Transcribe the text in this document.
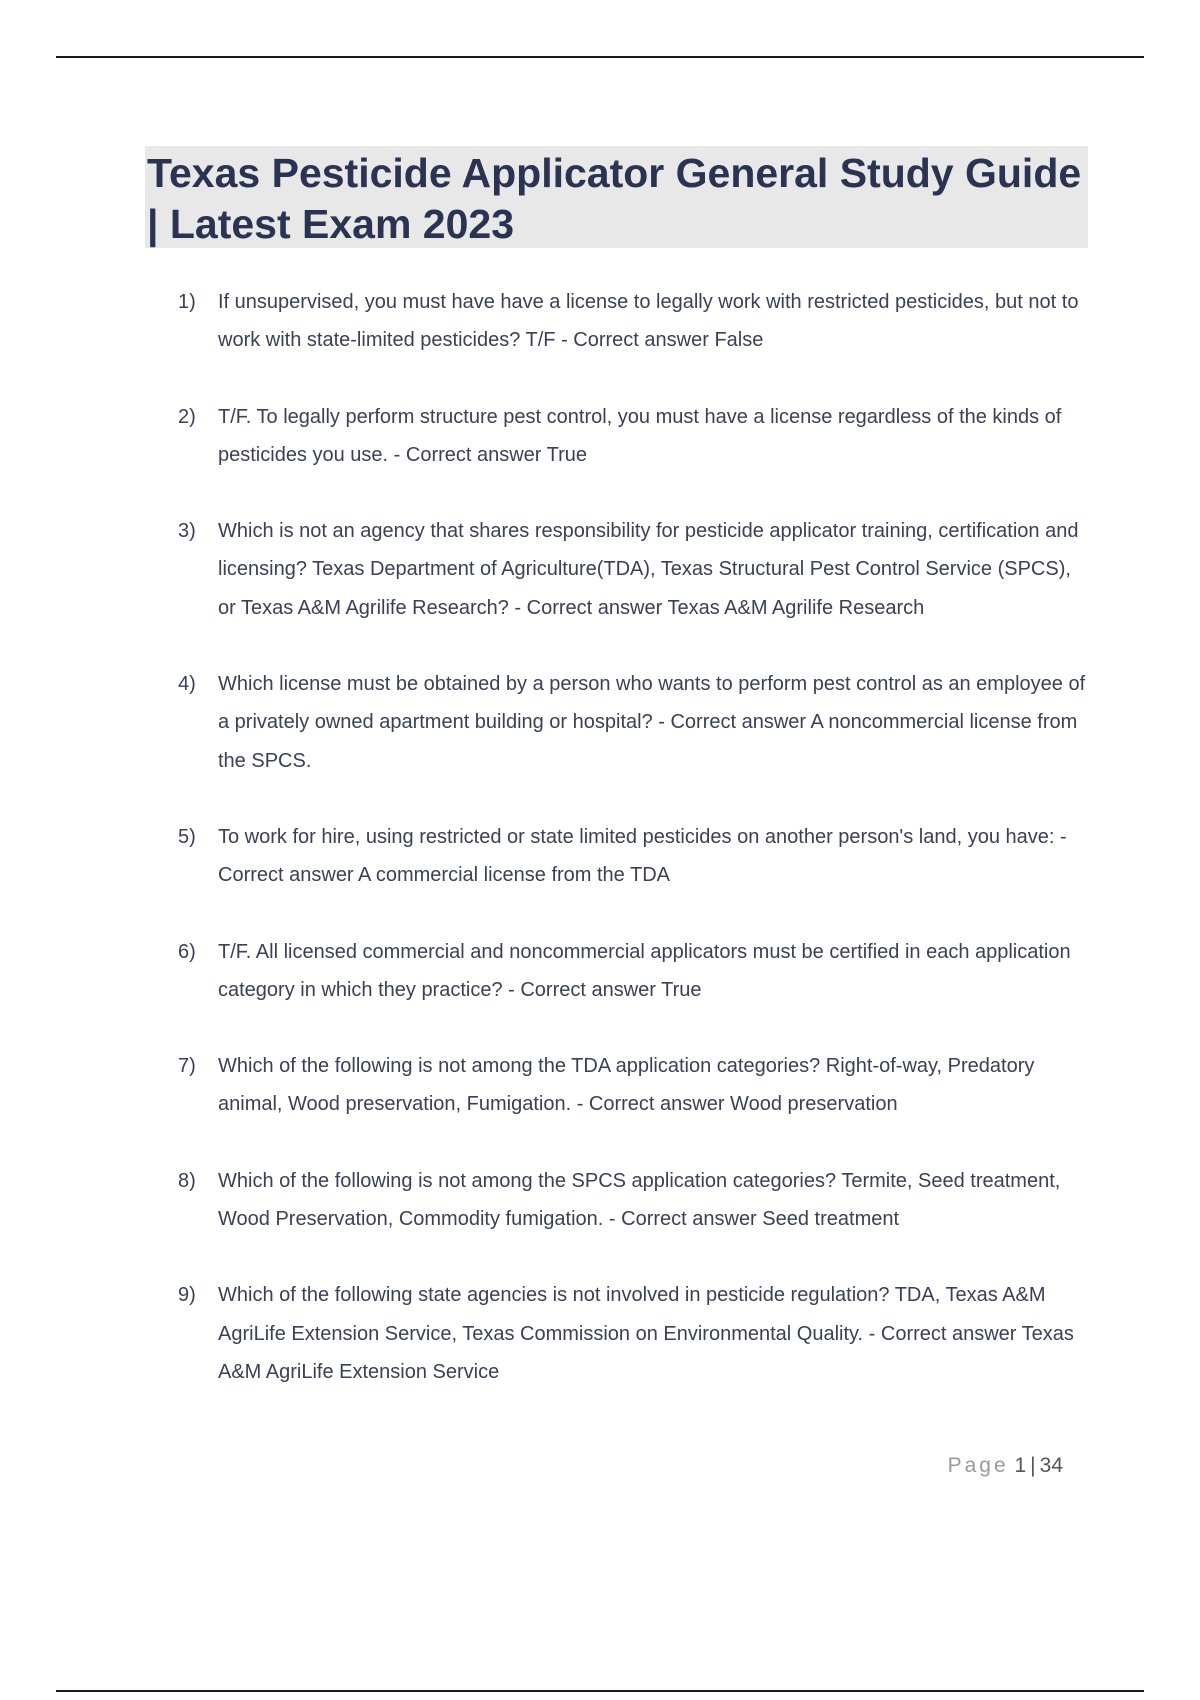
Texas Pesticide Applicator General Study Guide | Latest Exam 2023
1) If unsupervised, you must have have a license to legally work with restricted pesticides, but not to work with state-limited pesticides? T/F - Correct answer False
2) T/F. To legally perform structure pest control, you must have a license regardless of the kinds of pesticides you use. - Correct answer True
3) Which is not an agency that shares responsibility for pesticide applicator training, certification and licensing? Texas Department of Agriculture(TDA), Texas Structural Pest Control Service (SPCS), or Texas A&M Agrilife Research? - Correct answer Texas A&M Agrilife Research
4) Which license must be obtained by a person who wants to perform pest control as an employee of a privately owned apartment building or hospital? - Correct answer A noncommercial license from the SPCS.
5) To work for hire, using restricted or state limited pesticides on another person's land, you have: - Correct answer A commercial license from the TDA
6) T/F. All licensed commercial and noncommercial applicators must be certified in each application category in which they practice? - Correct answer True
7) Which of the following is not among the TDA application categories? Right-of-way, Predatory animal, Wood preservation, Fumigation. - Correct answer Wood preservation
8) Which of the following is not among the SPCS application categories? Termite, Seed treatment, Wood Preservation, Commodity fumigation. - Correct answer Seed treatment
9) Which of the following state agencies is not involved in pesticide regulation? TDA, Texas A&M AgriLife Extension Service, Texas Commission on Environmental Quality. - Correct answer Texas A&M AgriLife Extension Service
Page 1 | 34
